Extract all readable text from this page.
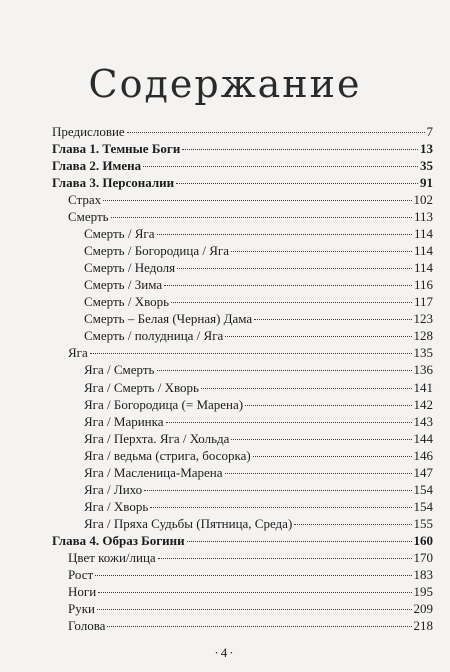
Содержание
Предисловие	7
Глава 1. Темные Боги	13
Глава 2. Имена	35
Глава 3. Персоналии	91
Страх	102
Смерть	113
Смерть / Яга	114
Смерть / Богородица / Яга	114
Смерть / Недоля	114
Смерть / Зима	116
Смерть / Хворь	117
Смерть – Белая (Черная) Дама	123
Смерть / полудница / Яга	128
Яга	135
Яга / Смерть	136
Яга / Смерть / Хворь	141
Яга / Богородица (= Марена)	142
Яга / Маринка	143
Яга / Перхта. Яга / Хольда	144
Яга / ведьма (стрига, босорка)	146
Яга / Масленица-Марена	147
Яга / Лихо	154
Яга / Хворь	154
Яга / Пряха Судьбы (Пятница, Среда)	155
Глава 4. Образ Богини	160
Цвет кожи/лица	170
Рост	183
Ноги	195
Руки	209
Голова	218
·4·
